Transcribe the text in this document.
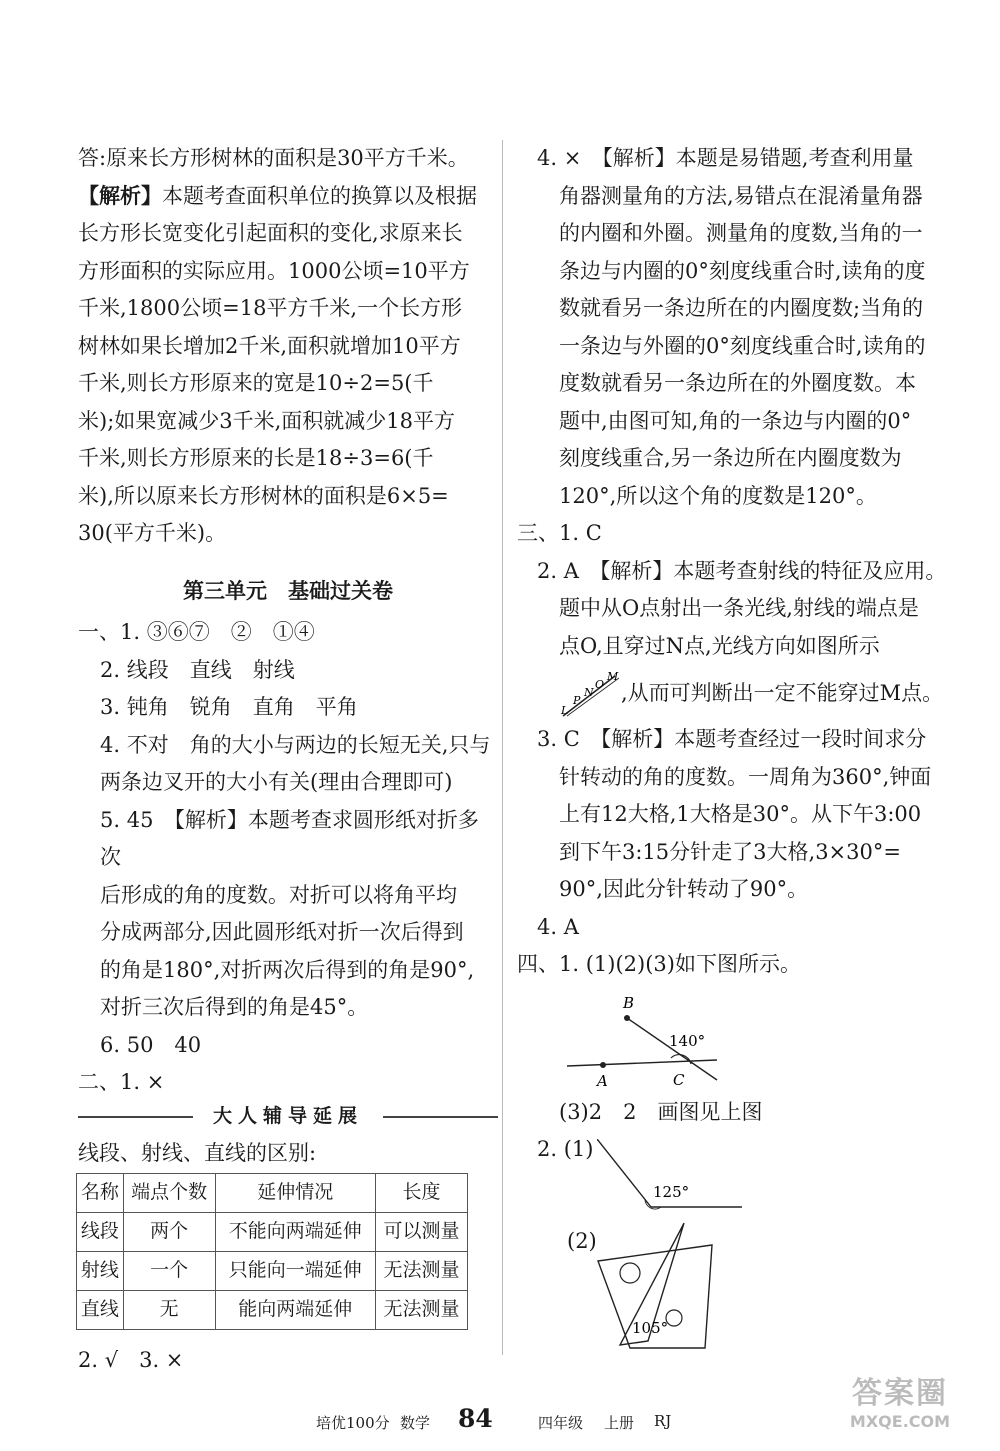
答:原来长方形树林的面积是30平方千米。

【解析】本题考查面积单位的换算以及根据

长方形长宽变化引起面积的变化,求原来长

方形面积的实际应用。1000公顷=10平方

千米,1800公顷=18平方千米,一个长方形

树林如果长增加2千米,面积就增加10平方

千米,则长方形原来的宽是10÷2=5(千

米);如果宽减少3千米,面积就减少18平方

千米,则长方形原来的长是18÷3=6(千

米),所以原来长方形树林的面积是6×5=

30(平方千米)。

第三单元　基础过关卷

一、1. ③⑥⑦　②　①④

2. 线段　直线　射线

3. 钝角　锐角　直角　平角

4. 不对　角的大小与两边的长短无关,只与

两条边叉开的大小有关(理由合理即可)

5. 45　【解析】本题考查求圆形纸对折多次

后形成的角的度数。对折可以将角平均

分成两部分,因此圆形纸对折一次后得到

的角是180°,对折两次后得到的角是90°,

对折三次后得到的角是45°。

6. 50　40

二、1. ×

大人辅导延展

线段、射线、直线的区别:

名称	端点个数	延伸情况	长度
线段	两个	不能向两端延伸	可以测量
射线	一个	只能向一端延伸	无法测量
直线	无	能向两端延伸	无法测量

2. √　3. ×

4. ×　【解析】本题是易错题,考查利用量

角器测量角的方法,易错点在混淆量角器

的内圈和外圈。测量角的度数,当角的一

条边与内圈的0°刻度线重合时,读角的度

数就看另一条边所在的内圈度数;当角的

一条边与外圈的0°刻度线重合时,读角的

度数就看另一条边所在的外圈度数。本

题中,由图可知,角的一条边与内圈的0°

刻度线重合,另一条边所在内圈度数为

120°,所以这个角的度数是120°。

三、1. C

2. A　【解析】本题考查射线的特征及应用。

题中从O点射出一条光线,射线的端点是

点O,且穿过N点,光线方向如图所示

L
P
N
O
M
,从而可判断出一定不能穿过M点。

3. C　【解析】本题考查经过一段时间求分

针转动的角的度数。一周角为360°,钟面

上有12大格,1大格是30°。从下午3:00

到下午3:15分针走了3大格,3×30°=

90°,因此分针转动了90°。

4. A

四、1. (1)(2)(3)如下图所示。

B
A	C
140°

(3)2　2　画图见上图

2. (1)
125°
(2)
105°
培优100分 数学 84	四年级 上册 RJ
答案圈
MXQE.COM
